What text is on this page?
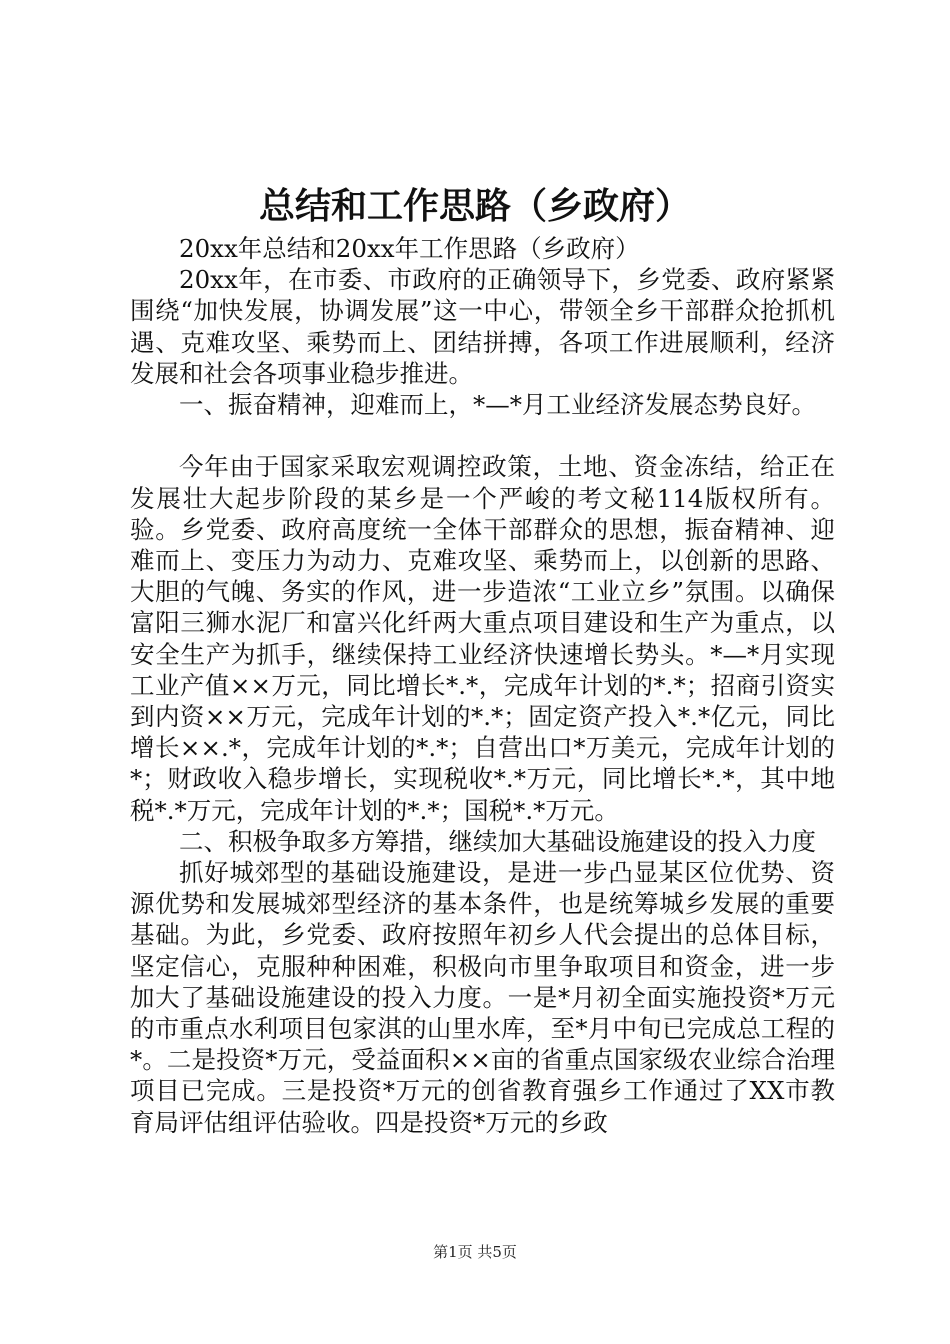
总结和工作思路（乡政府）

20xx年总结和20xx年工作思路（乡政府）

20xx年，在市委、市政府的正确领导下，乡党委、政府紧紧围绕“加快发展，协调发展”这一中心，带领全乡干部群众抢抓机遇、克难攻坚、乘势而上、团结拼搏，各项工作进展顺利，经济发展和社会各项事业稳步推进。

一、振奋精神，迎难而上，*—*月工业经济发展态势良好。

今年由于国家采取宏观调控政策，土地、资金冻结，给正在发展壮大起步阶段的某乡是一个严峻的考文秘114版权所有。验。乡党委、政府高度统一全体干部群众的思想，振奋精神、迎难而上、变压力为动力、克难攻坚、乘势而上，以创新的思路、大胆的气魄、务实的作风，进一步造浓“工业立乡”氛围。以确保富阳三狮水泥厂和富兴化纤两大重点项目建设和生产为重点，以安全生产为抓手，继续保持工业经济快速增长势头。*—*月实现工业产值××万元，同比增长*.*，完成年计划的*.*；招商引资实到内资××万元，完成年计划的*.*；固定资产投入*.*亿元，同比增长××.*，完成年计划的*.*；自营出口*万美元，完成年计划的*；财政收入稳步增长，实现税收*.*万元，同比增长*.*，其中地税*.*万元，完成年计划的*.*；国税*.*万元。

二、积极争取多方筹措，继续加大基础设施建设的投入力度

抓好城郊型的基础设施建设，是进一步凸显某区位优势、资源优势和发展城郊型经济的基本条件，也是统筹城乡发展的重要基础。为此，乡党委、政府按照年初乡人代会提出的总体目标，坚定信心，克服种种困难，积极向市里争取项目和资金，进一步加大了基础设施建设的投入力度。一是*月初全面实施投资*万元的市重点水利项目包家淇的山里水库，至*月中旬已完成总工程的*。二是投资*万元，受益面积××亩的省重点国家级农业综合治理项目已完成。三是投资*万元的创省教育强乡工作通过了XX市教育局评估组评估验收。四是投资*万元的乡政

第1页 共5页
